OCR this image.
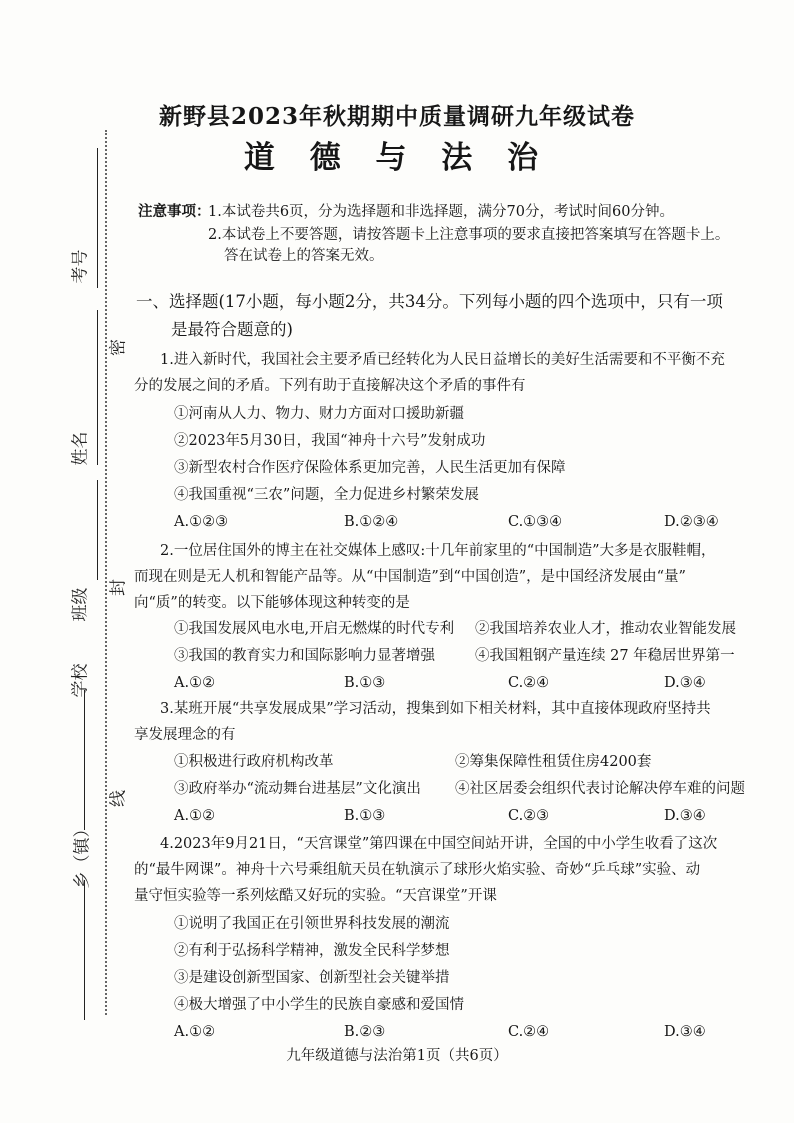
考号
姓名
班级
学校
乡（镇）
密
封
线
新野县2023年秋期期中质量调研九年级试卷
道 德 与 法 治
注意事项：
1.本试卷共6页，分为选择题和非选择题，满分70分，考试时间60分钟。
2.本试卷上不要答题，请按答题卡上注意事项的要求直接把答案填写在答题卡上。
答在试卷上的答案无效。
一、选择题(17小题，每小题2分，共34分。下列每小题的四个选项中，只有一项
是最符合题意的)
1.进入新时代，我国社会主要矛盾已经转化为人民日益增长的美好生活需要和不平衡不充
分的发展之间的矛盾。下列有助于直接解决这个矛盾的事件有
①河南从人力、物力、财力方面对口援助新疆
②2023年5月30日，我国“神舟十六号”发射成功
③新型农村合作医疗保险体系更加完善，人民生活更加有保障
④我国重视“三农”问题，全力促进乡村繁荣发展
A.①②③	B.①②④	C.①③④	D.②③④
2.一位居住国外的博主在社交媒体上感叹:十几年前家里的“中国制造”大多是衣服鞋帽，
而现在则是无人机和智能产品等。从“中国制造”到“中国创造”，是中国经济发展由“量”
向“质”的转变。以下能够体现这种转变的是
①我国发展风电水电,开启无燃煤的时代专利 ②我国培养农业人才，推动农业智能发展
③我国的教育实力和国际影响力显著增强	④我国粗钢产量连续 27 年稳居世界第一
A.①②	B.①③	C.②④	D.③④
3.某班开展“共享发展成果”学习活动，搜集到如下相关材料，其中直接体现政府坚持共
享发展理念的有
①积极进行政府机构改革	②筹集保障性租赁住房4200套
③政府举办“流动舞台进基层”文化演出 ④社区居委会组织代表讨论解决停车难的问题
A.①②	B.①③	C.②③	D.③④
4.2023年9月21日，“天宫课堂”第四课在中国空间站开讲，全国的中小学生收看了这次
的“最牛网课”。神舟十六号乘组航天员在轨演示了球形火焰实验、奇妙“乒乓球”实验、动
量守恒实验等一系列炫酷又好玩的实验。“天宫课堂”开课
①说明了我国正在引领世界科技发展的潮流
②有利于弘扬科学精神，激发全民科学梦想
③是建设创新型国家、创新型社会关键举措
④极大增强了中小学生的民族自豪感和爱国情
A.①②	B.②③	C.②④	D.③④
九年级道德与法治第1页（共6页）
